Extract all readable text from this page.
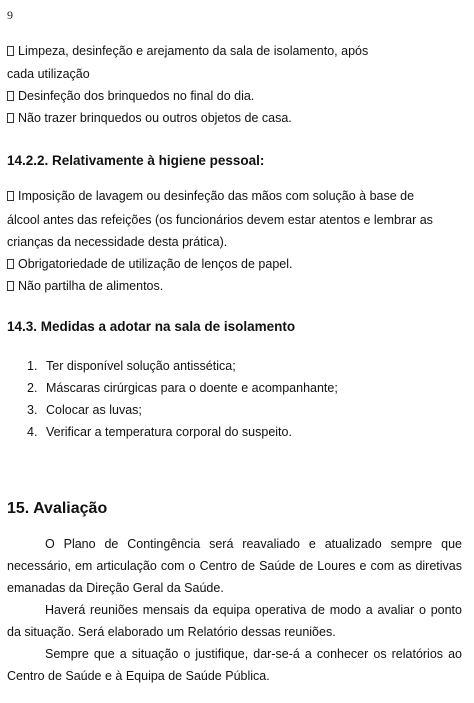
9
Limpeza, desinfeção e arejamento da sala de isolamento, após
cada utilização
Desinfeção dos brinquedos no final do dia.
Não trazer brinquedos ou outros objetos de casa.
14.2.2. Relativamente à higiene pessoal:
Imposição de lavagem ou desinfeção das mãos com solução à base de
álcool antes das refeições (os funcionários devem estar atentos e lembrar as
crianças da necessidade desta prática).
Obrigatoriedade de utilização de lenços de papel.
Não partilha de alimentos.
14.3. Medidas a adotar na sala de isolamento
1. Ter disponível solução antissética;
2. Máscaras cirúrgicas para o doente e acompanhante;
3. Colocar as luvas;
4. Verificar a temperatura corporal do suspeito.
15. Avaliação
O Plano de Contingência será reavaliado e atualizado sempre que necessário, em articulação com o Centro de Saúde de Loures e com as diretivas emanadas da Direção Geral da Saúde.
Haverá reuniões mensais da equipa operativa de modo a avaliar o ponto da situação. Será elaborado um Relatório dessas reuniões.
Sempre que a situação o justifique, dar-se-á a conhecer os relatórios ao Centro de Saúde e à Equipa de Saúde Pública.
